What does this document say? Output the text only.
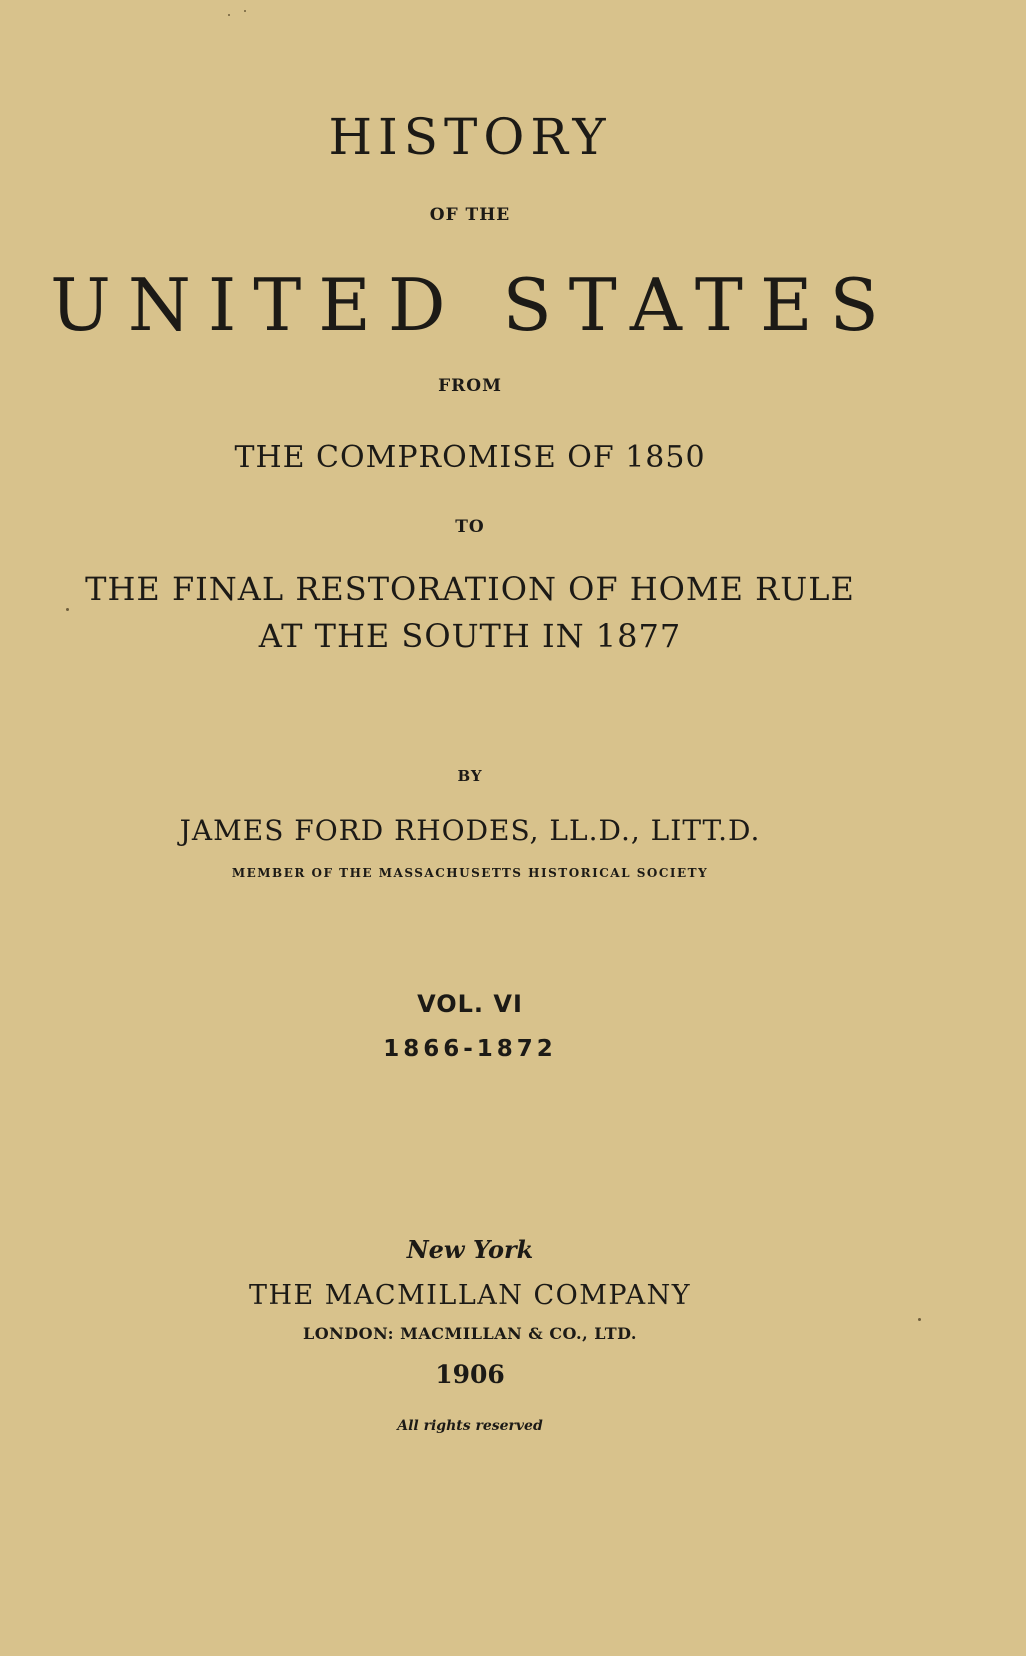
HISTORY
OF THE
UNITED STATES
FROM
THE COMPROMISE OF 1850
TO
THE FINAL RESTORATION OF HOME RULE
AT THE SOUTH IN 1877
BY
JAMES FORD RHODES, LL.D., LITT.D.
MEMBER OF THE MASSACHUSETTS HISTORICAL SOCIETY
VOL. VI
1866-1872
New York
THE MACMILLAN COMPANY
LONDON: MACMILLAN & CO., LTD.
1906
All rights reserved
